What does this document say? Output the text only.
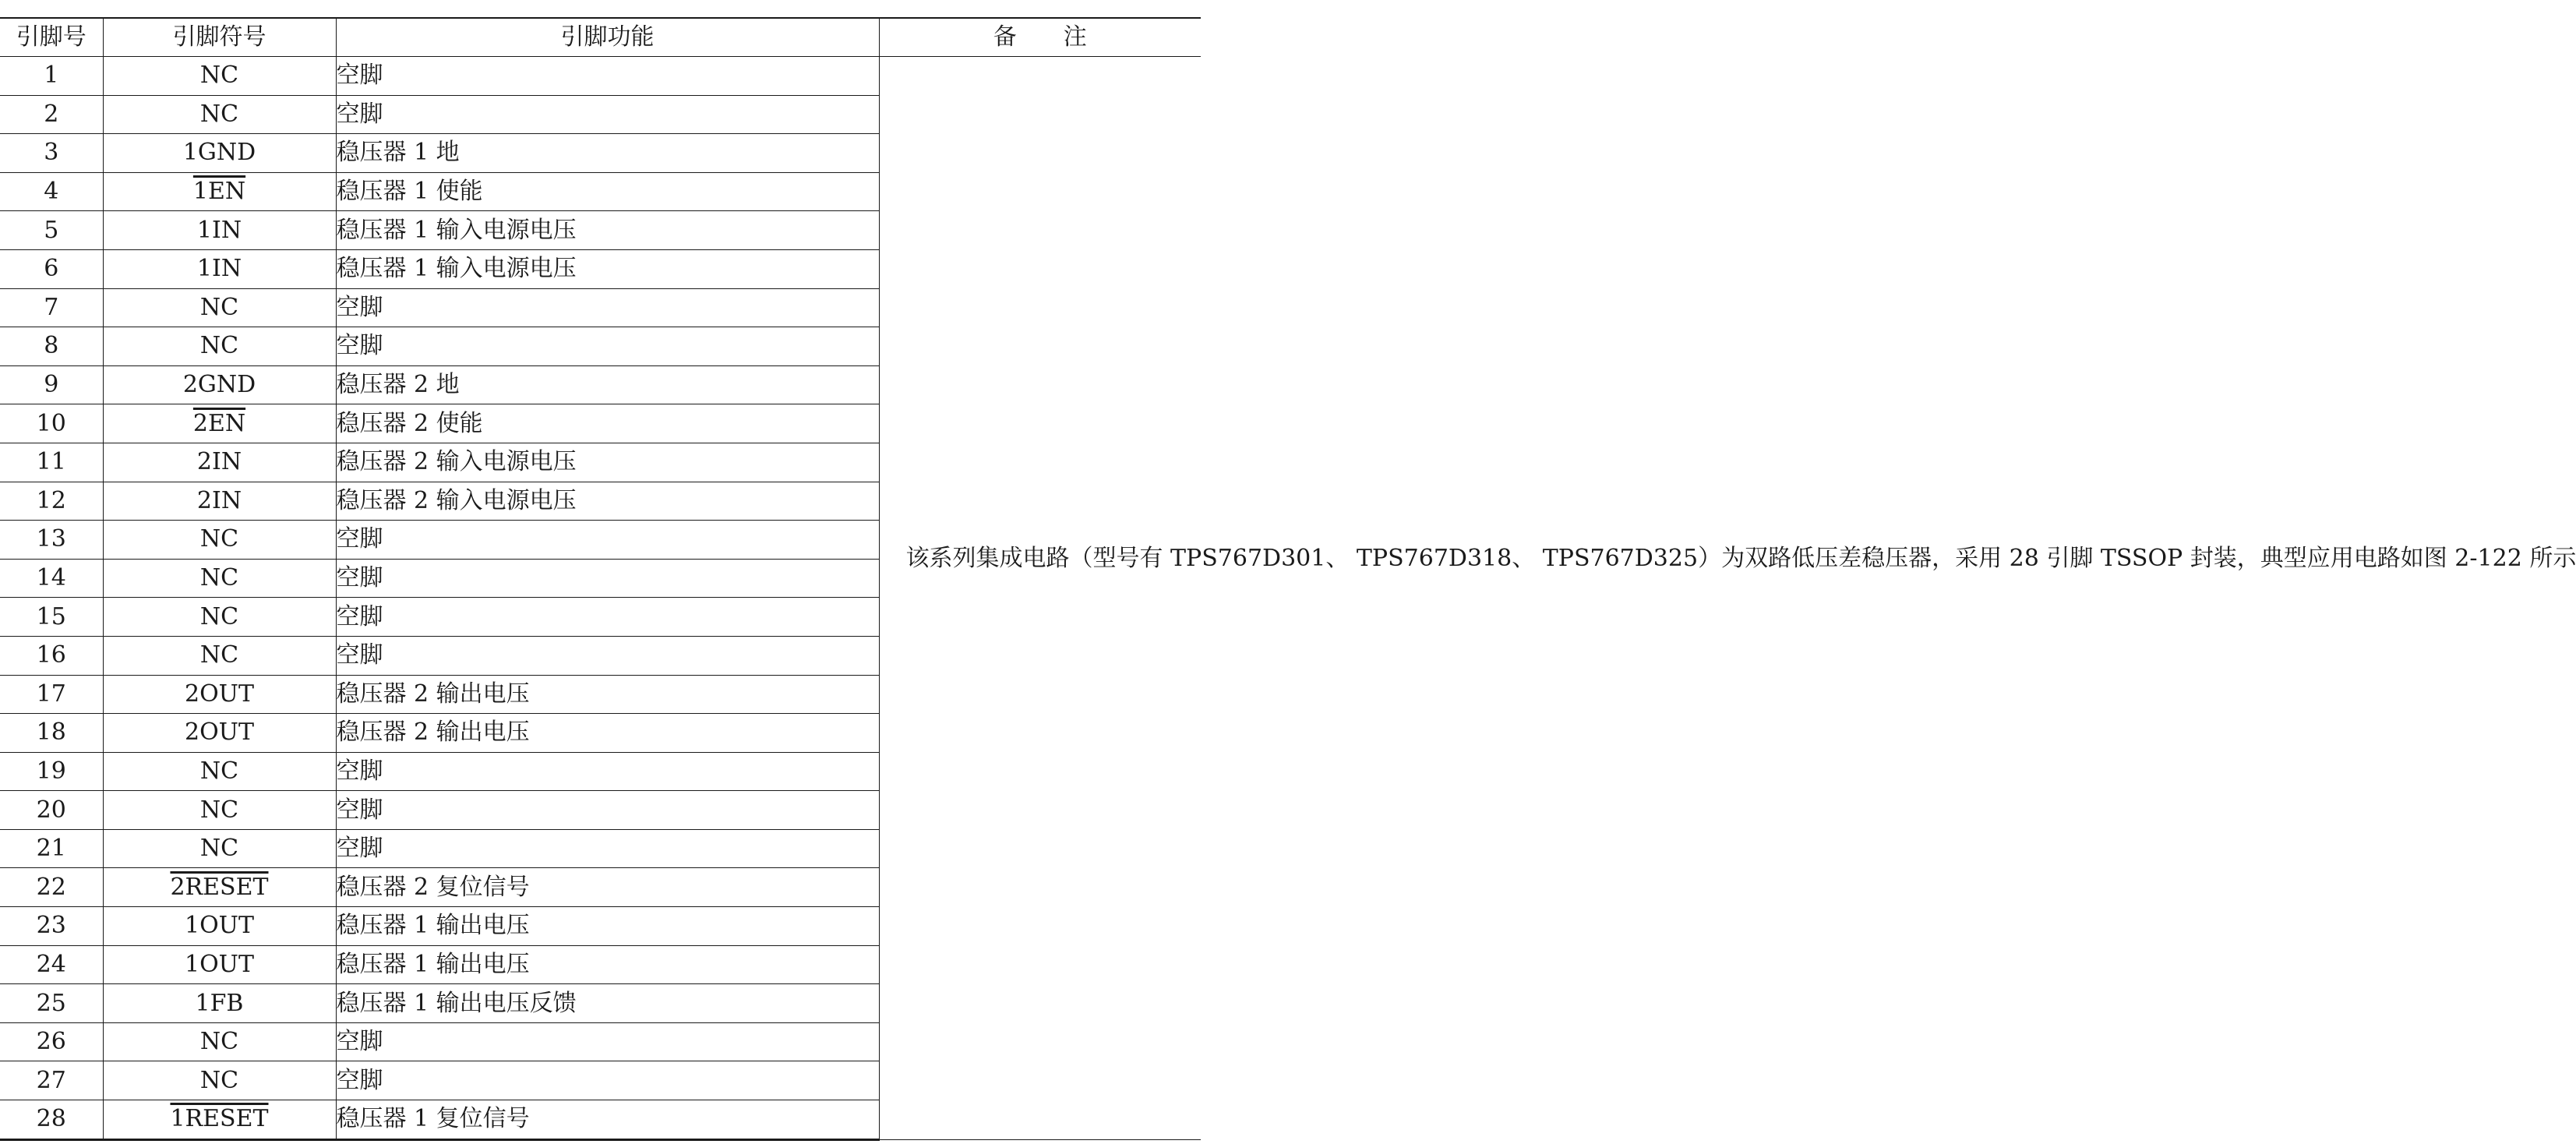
引脚号	引脚符号	引脚功能	备　　注
1	NC	空脚	该系列集成电路（型号有 TPS767D301、 TPS767D318、 TPS767D325）为双路低压差稳压器，采用 28 引脚 TSSOP 封装，典型应用电路如图 2-122 所示

2	NC	空脚	
3	1GND	稳压器 1 地	
4	1EN	稳压器 1 使能	
5	1IN	稳压器 1 输入电源电压	
6	1IN	稳压器 1 输入电源电压	
7	NC	空脚	
8	NC	空脚	
9	2GND	稳压器 2 地	
10	2EN	稳压器 2 使能	
11	2IN	稳压器 2 输入电源电压	
12	2IN	稳压器 2 输入电源电压	
13	NC	空脚	
14	NC	空脚	
15	NC	空脚	
16	NC	空脚	
17	2OUT	稳压器 2 输出电压	
18	2OUT	稳压器 2 输出电压	
19	NC	空脚	
20	NC	空脚	
21	NC	空脚	
22	2RESET	稳压器 2 复位信号	
23	1OUT	稳压器 1 输出电压	
24	1OUT	稳压器 1 输出电压	
25	1FB	稳压器 1 输出电压反馈	
26	NC	空脚	
27	NC	空脚	
28	1RESET	稳压器 1 复位信号	
